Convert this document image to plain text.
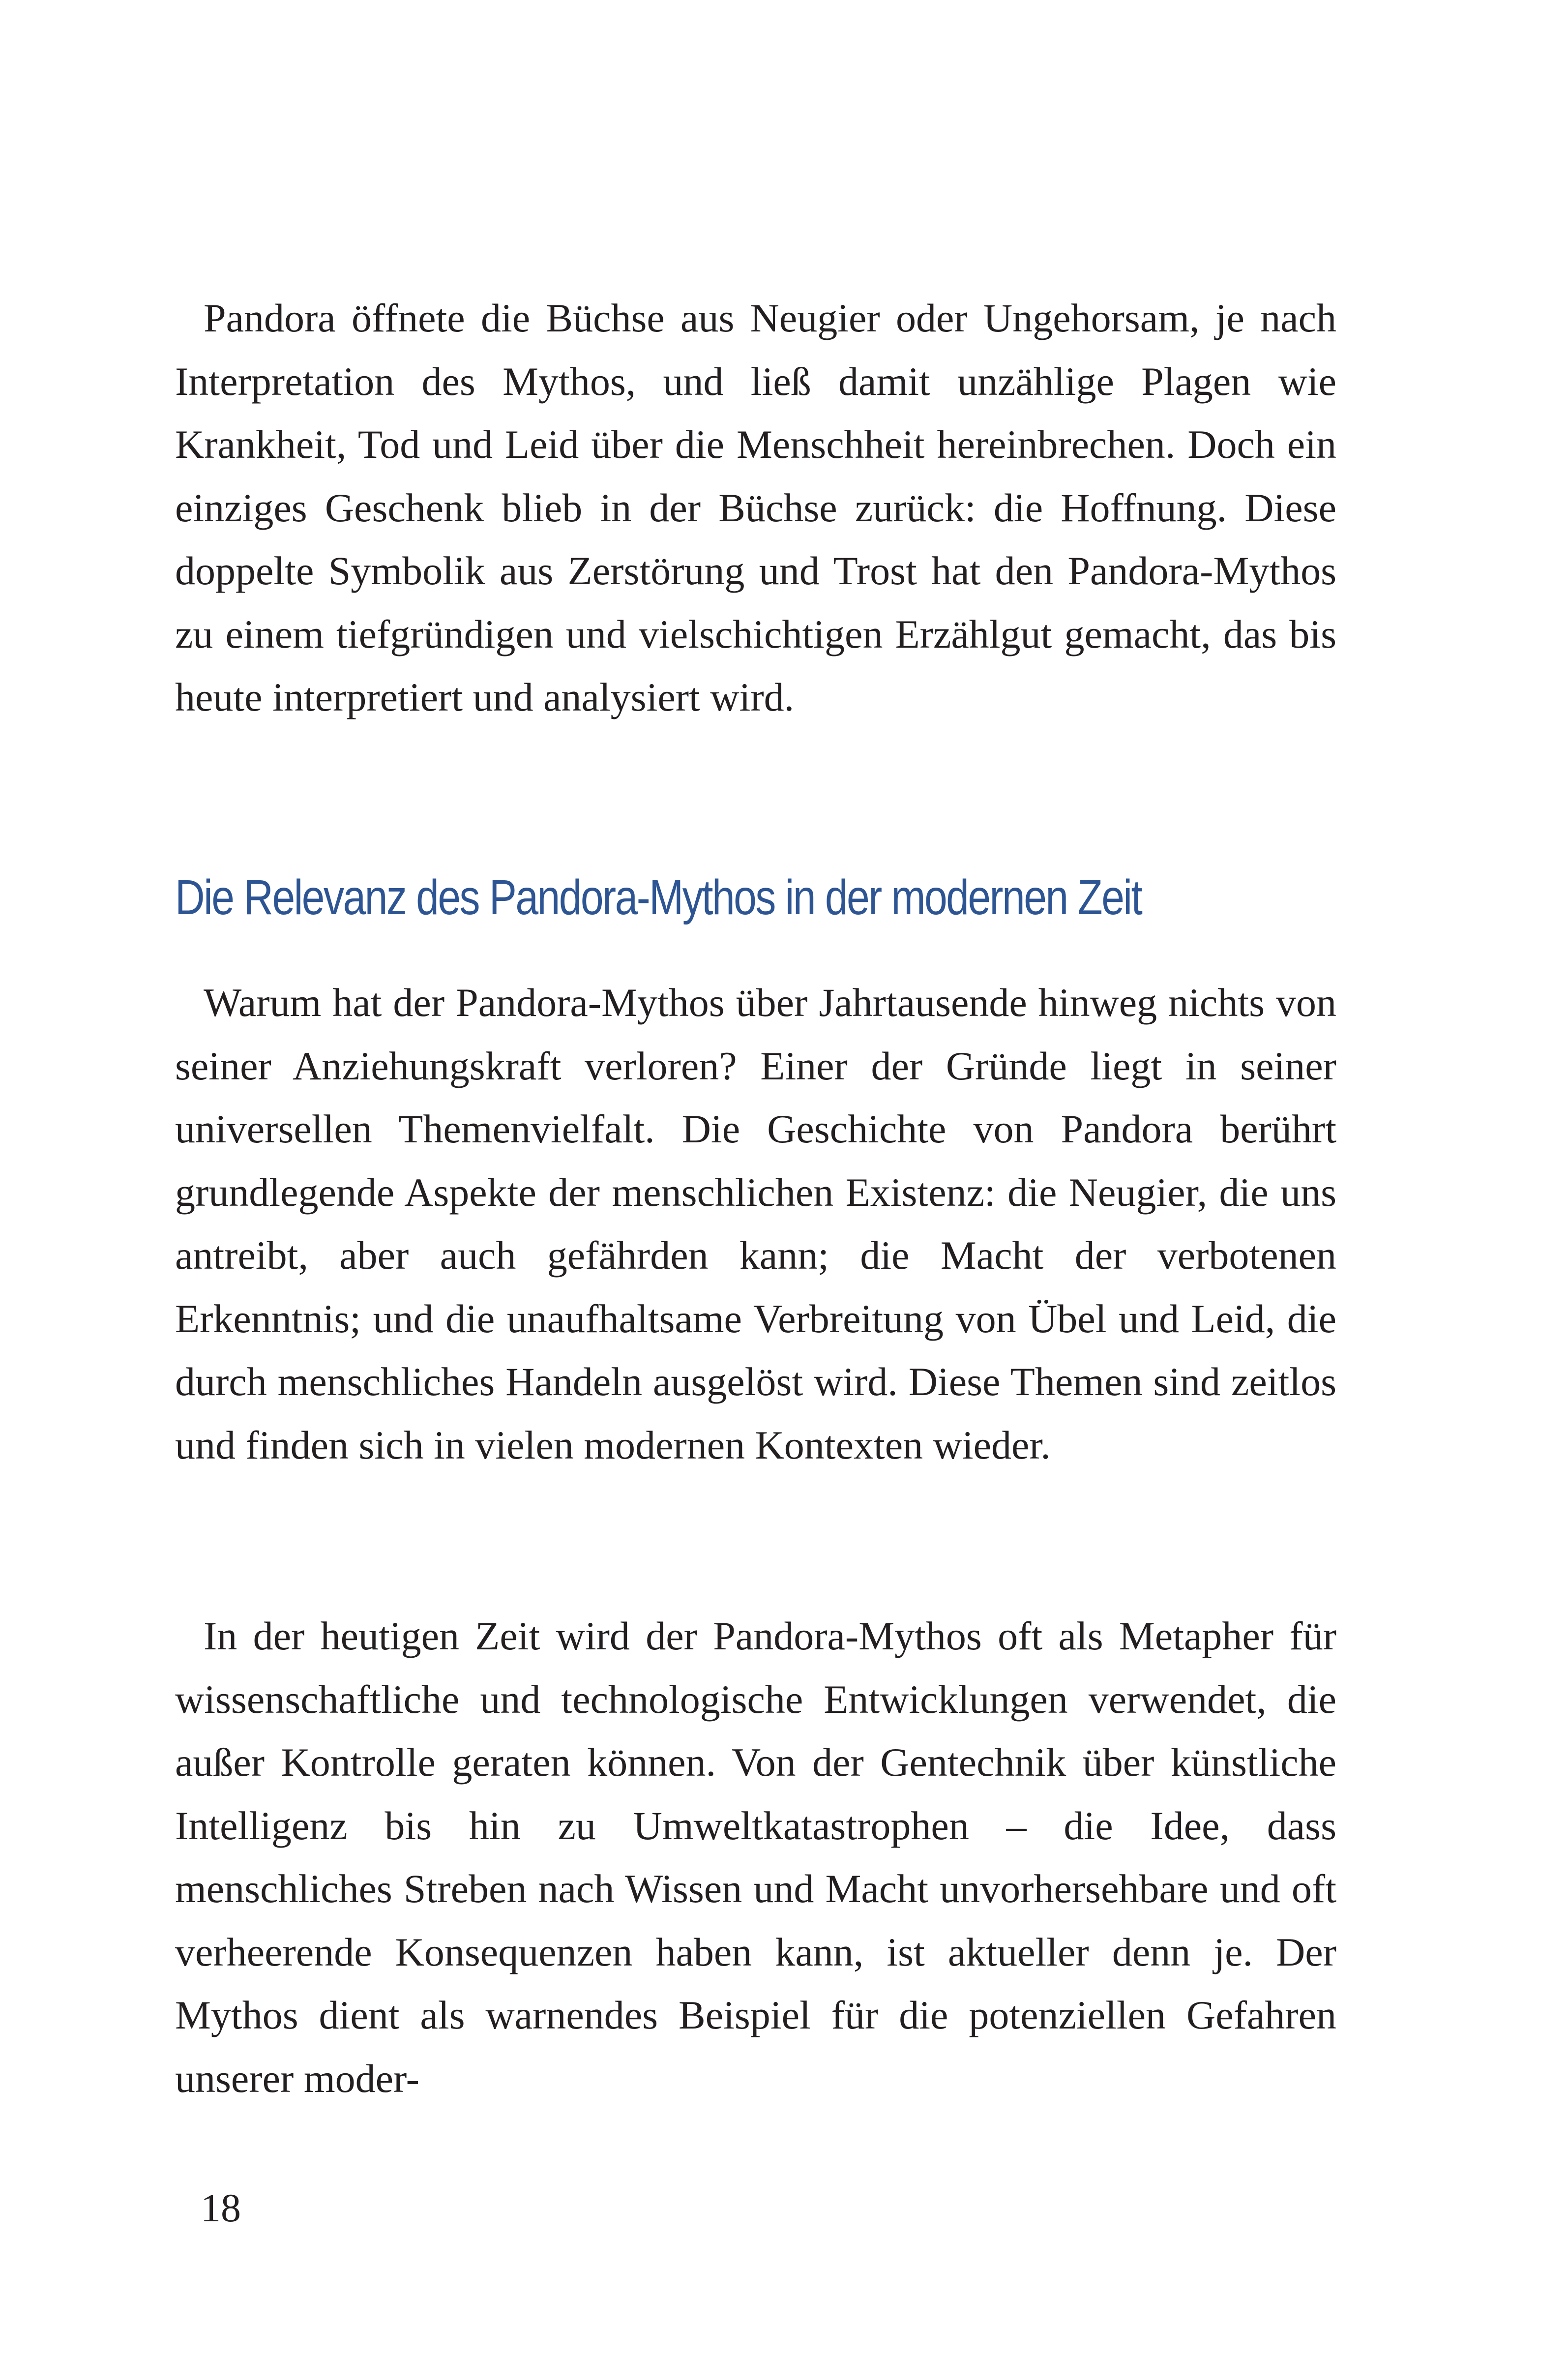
Pandora öffnete die Büchse aus Neugier oder Ungehorsam, je nach Interpretation des Mythos, und ließ damit unzählige Plagen wie Krankheit, Tod und Leid über die Menschheit hereinbrechen. Doch ein einziges Geschenk blieb in der Büchse zurück: die Hoffnung. Diese doppelte Symbolik aus Zerstörung und Trost hat den Pandora-Mythos zu einem tiefgründigen und vielschichtigen Erzählgut gemacht, das bis heute interpretiert und analysiert wird.

Warum hat der Pandora-Mythos über Jahrtausende hinweg nichts von seiner Anziehungskraft verloren? Einer der Gründe liegt in seiner universellen Themenvielfalt. Die Geschichte von Pandora berührt grundlegende Aspekte der menschlichen Existenz: die Neugier, die uns antreibt, aber auch gefährden kann; die Macht der verbotenen Erkenntnis; und die unaufhaltsame Verbreitung von Übel und Leid, die durch menschliches Handeln ausgelöst wird. Diese Themen sind zeitlos und finden sich in vielen modernen Kontexten wieder.

In der heutigen Zeit wird der Pandora-Mythos oft als Metapher für wissenschaftliche und technologische Entwicklungen verwendet, die außer Kontrolle geraten können. Von der Gentechnik über künstliche Intelligenz bis hin zu Umweltkatastrophen – die Idee, dass menschliches Streben nach Wissen und Macht unvorhersehbare und oft verheerende Konsequenzen haben kann, ist aktueller denn je. Der Mythos dient als warnendes Beispiel für die potenziellen Gefahren unserer moder-

Die Relevanz des Pandora-Mythos in der modernen Zeit
18
